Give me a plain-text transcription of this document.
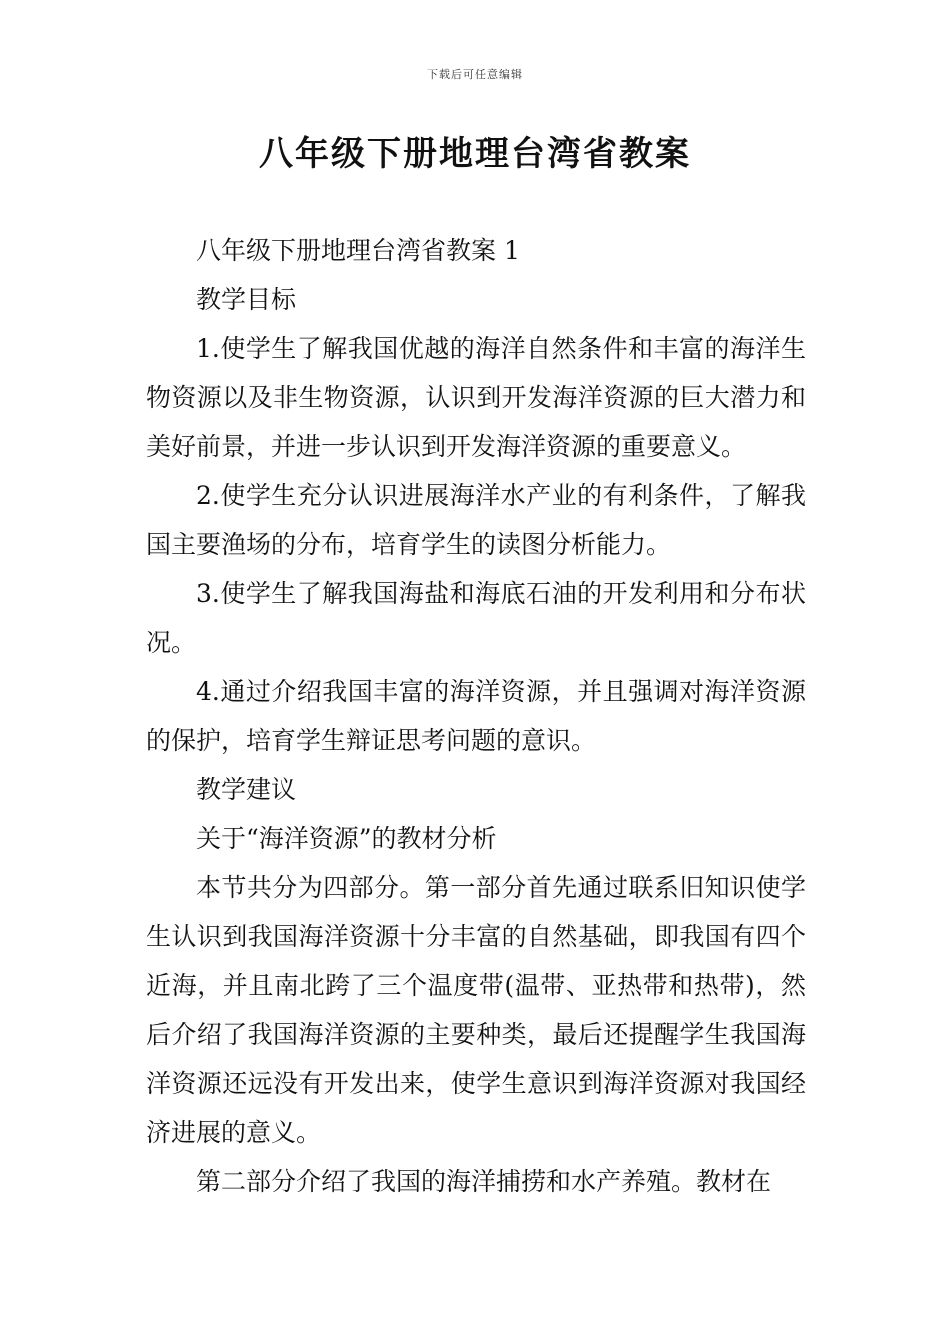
下载后可任意编辑
八年级下册地理台湾省教案

八年级下册地理台湾省教案 1

教学目标

1.使学生了解我国优越的海洋自然条件和丰富的海洋生物资源以及非生物资源，认识到开发海洋资源的巨大潜力和美好前景，并进一步认识到开发海洋资源的重要意义。

2.使学生充分认识进展海洋水产业的有利条件，了解我国主要渔场的分布，培育学生的读图分析能力。

3.使学生了解我国海盐和海底石油的开发利用和分布状况。

4.通过介绍我国丰富的海洋资源，并且强调对海洋资源的保护，培育学生辩证思考问题的意识。

教学建议

关于“海洋资源”的教材分析

本节共分为四部分。第一部分首先通过联系旧知识使学生认识到我国海洋资源十分丰富的自然基础，即我国有四个近海，并且南北跨了三个温度带(温带、亚热带和热带)，然后介绍了我国海洋资源的主要种类，最后还提醒学生我国海洋资源还远没有开发出来，使学生意识到海洋资源对我国经济进展的意义。

第二部分介绍了我国的海洋捕捞和水产养殖。教材在
